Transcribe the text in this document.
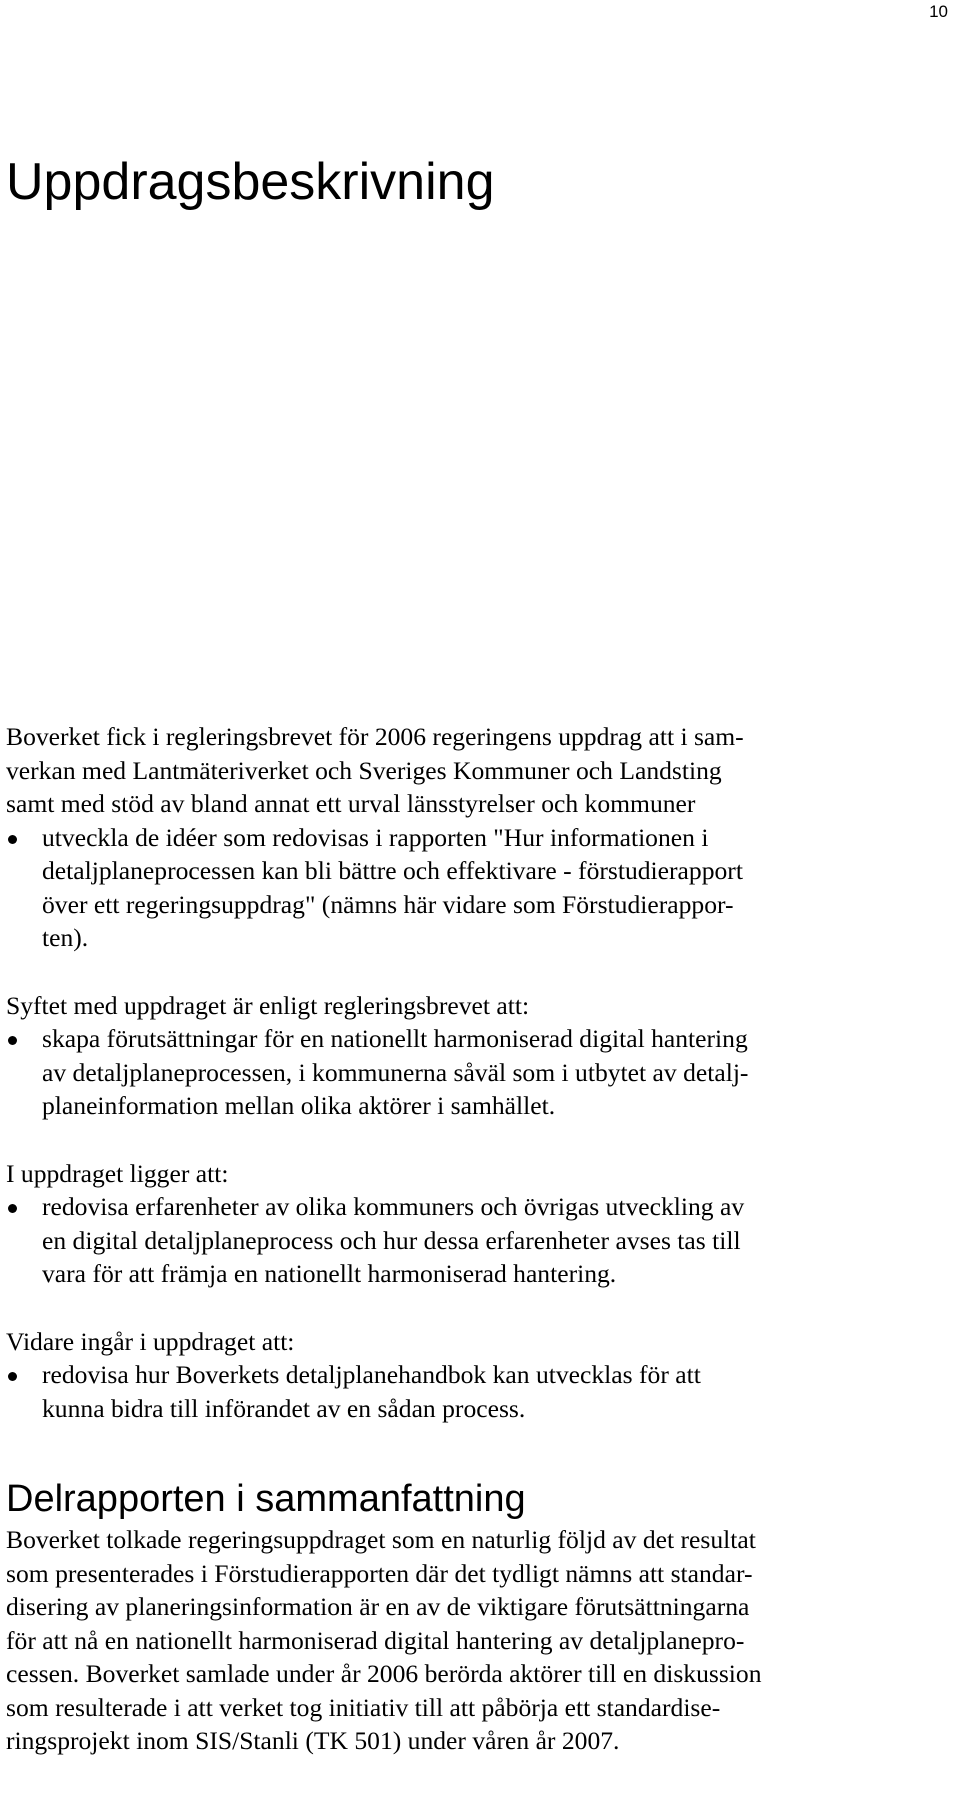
10
Uppdragsbeskrivning

Boverket fick i regleringsbrevet för 2006 regeringens uppdrag att i sam-
verkan med Lantmäteriverket och Sveriges Kommuner och Landsting
samt med stöd av bland annat ett urval länsstyrelser och kommuner

utveckla de idéer som redovisas i rapporten "Hur informationen i
detaljplaneprocessen kan bli bättre och effektivare - förstudierapport
över ett regeringsuppdrag" (nämns här vidare som Förstudierappor-
ten).

Syftet med uppdraget är enligt regleringsbrevet att:

skapa förutsättningar för en nationellt harmoniserad digital hantering
av detaljplaneprocessen, i kommunerna såväl som i utbytet av detalj-
planeinformation mellan olika aktörer i samhället.

I uppdraget ligger att:

redovisa erfarenheter av olika kommuners och övrigas utveckling av
en digital detaljplaneprocess och hur dessa erfarenheter avses tas till
vara för att främja en nationellt harmoniserad hantering.

Vidare ingår i uppdraget att:

redovisa hur Boverkets detaljplanehandbok kan utvecklas för att
kunna bidra till införandet av en sådan process.
Delrapporten i sammanfattning

Boverket tolkade regeringsuppdraget som en naturlig följd av det resultat
som presenterades i Förstudierapporten där det tydligt nämns att standar-
disering av planeringsinformation är en av de viktigare förutsättningarna
för att nå en nationellt harmoniserad digital hantering av detaljplanepro-
cessen. Boverket samlade under år 2006 berörda aktörer till en diskussion
som resulterade i att verket tog initiativ till att påbörja ett standardise-
ringsprojekt inom SIS/Stanli (TK 501) under våren år 2007.
